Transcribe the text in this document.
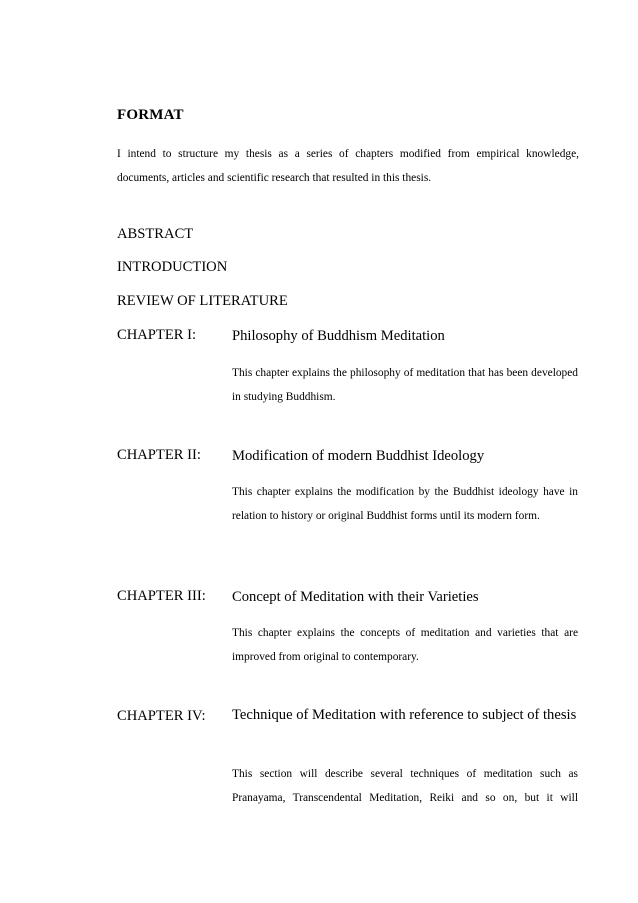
FORMAT
I intend to structure my thesis as a series of chapters modified from empirical knowledge, documents, articles and scientific research that resulted in this thesis.
ABSTRACT
INTRODUCTION
REVIEW OF LITERATURE
CHAPTER I: Philosophy of Buddhism Meditation
This chapter explains the philosophy of meditation that has been developed in studying Buddhism.
CHAPTER II: Modification of modern Buddhist Ideology
This chapter explains the modification by the Buddhist ideology have in relation to history or original Buddhist forms until its modern form.
CHAPTER III: Concept of Meditation with their Varieties
This chapter explains the concepts of meditation and varieties that are improved from original to contemporary.
CHAPTER IV: Technique of Meditation with reference to subject of thesis
This section will describe several techniques of meditation such as Pranayama, Transcendental Meditation, Reiki and so on, but it will
